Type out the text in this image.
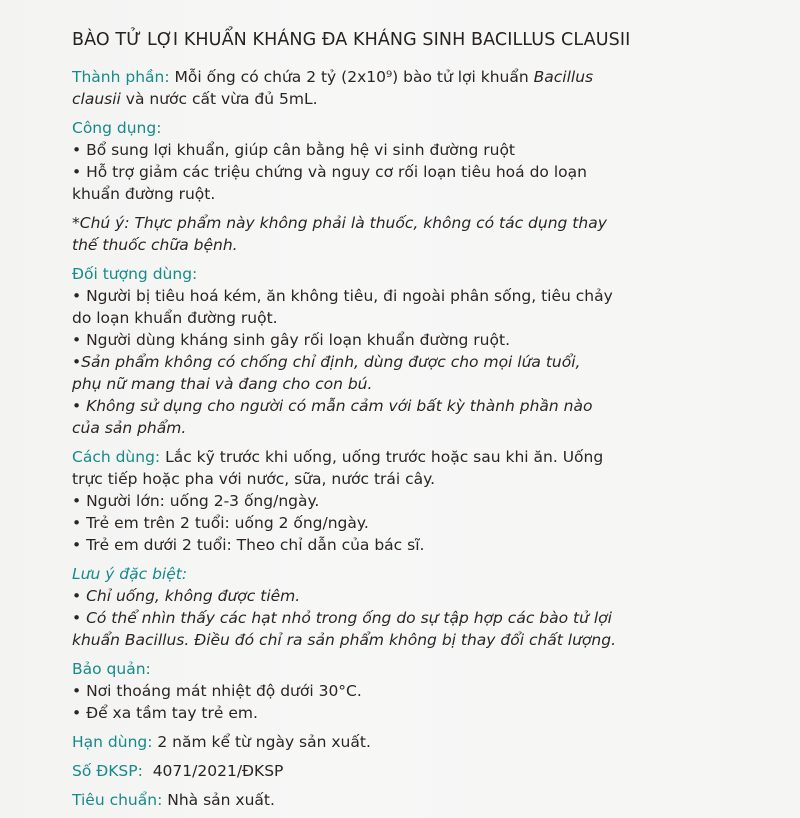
BÀO TỬ LỢI KHUẨN KHÁNG ĐA KHÁNG SINH BACILLUS CLAUSII
Thành phần: Mỗi ống có chứa 2 tỷ (2x10⁹) bào tử lợi khuẩn Bacillus
clausii và nước cất vừa đủ 5mL.
Công dụng:
• Bổ sung lợi khuẩn, giúp cân bằng hệ vi sinh đường ruột
• Hỗ trợ giảm các triệu chứng và nguy cơ rối loạn tiêu hoá do loạn
khuẩn đường ruột.
*Chú ý: Thực phẩm này không phải là thuốc, không có tác dụng thay
thế thuốc chữa bệnh.
Đối tượng dùng:
• Người bị tiêu hoá kém, ăn không tiêu, đi ngoài phân sống, tiêu chảy
do loạn khuẩn đường ruột.
• Người dùng kháng sinh gây rối loạn khuẩn đường ruột.
•Sản phẩm không có chống chỉ định, dùng được cho mọi lứa tuổi,
phụ nữ mang thai và đang cho con bú.
• Không sử dụng cho người có mẫn cảm với bất kỳ thành phần nào
của sản phẩm.
Cách dùng: Lắc kỹ trước khi uống, uống trước hoặc sau khi ăn. Uống
trực tiếp hoặc pha với nước, sữa, nước trái cây.
• Người lớn: uống 2-3 ống/ngày.
• Trẻ em trên 2 tuổi: uống 2 ống/ngày.
• Trẻ em dưới 2 tuổi: Theo chỉ dẫn của bác sĩ.
Lưu ý đặc biệt:
• Chỉ uống, không được tiêm.
• Có thể nhìn thấy các hạt nhỏ trong ống do sự tập hợp các bào tử lợi
khuẩn Bacillus. Điều đó chỉ ra sản phẩm không bị thay đổi chất lượng.
Bảo quản:
• Nơi thoáng mát nhiệt độ dưới 30°C.
• Để xa tầm tay trẻ em.
Hạn dùng: 2 năm kể từ ngày sản xuất.
Số ĐKSP:  4071/2021/ĐKSP
Tiêu chuẩn: Nhà sản xuất.
